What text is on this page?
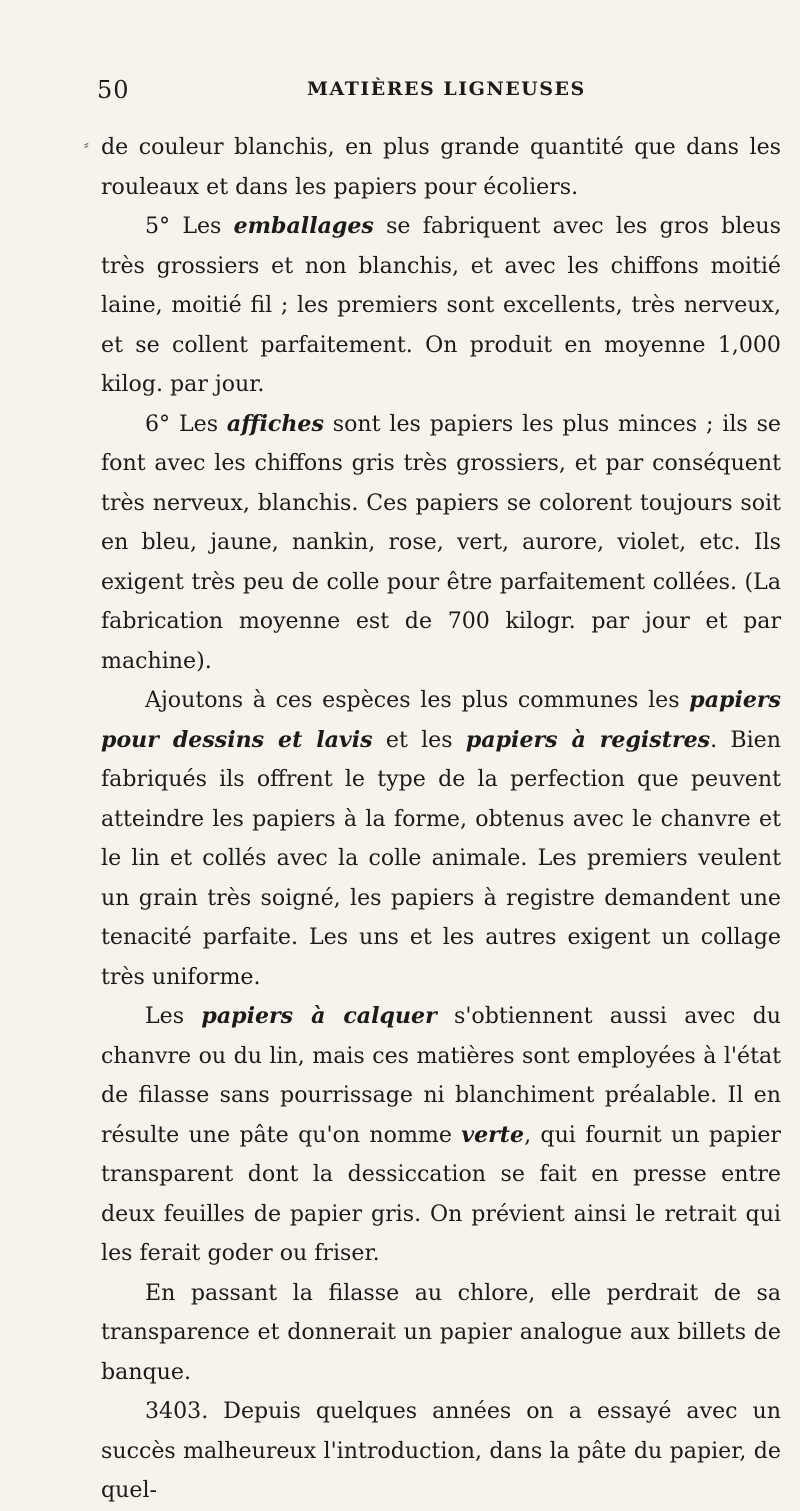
50	MATIÈRES LIGNEUSES
⸗ de couleur blanchis, en plus grande quantité que dans les rouleaux et dans les papiers pour écoliers.

5° Les emballages se fabriquent avec les gros bleus très grossiers et non blanchis, et avec les chiffons moitié laine, moitié fil ; les premiers sont excellents, très nerveux, et se collent parfaitement. On produit en moyenne 1,000 kilog. par jour.

6° Les affiches sont les papiers les plus minces ; ils se font avec les chiffons gris très grossiers, et par conséquent très nerveux, blanchis. Ces papiers se colorent toujours soit en bleu, jaune, nankin, rose, vert, aurore, violet, etc. Ils exigent très peu de colle pour être parfaitement collées. (La fabrication moyenne est de 700 kilogr. par jour et par machine).

Ajoutons à ces espèces les plus communes les papiers pour dessins et lavis et les papiers à registres. Bien fabriqués ils offrent le type de la perfection que peuvent atteindre les papiers à la forme, obtenus avec le chanvre et le lin et collés avec la colle animale. Les premiers veulent un grain très soigné, les papiers à registre demandent une tenacité parfaite. Les uns et les autres exigent un collage très uniforme.

Les papiers à calquer s'obtiennent aussi avec du chanvre ou du lin, mais ces matières sont employées à l'état de filasse sans pourrissage ni blanchiment préalable. Il en résulte une pâte qu'on nomme verte, qui fournit un papier transparent dont la dessiccation se fait en presse entre deux feuilles de papier gris. On prévient ainsi le retrait qui les ferait goder ou friser.

En passant la filasse au chlore, elle perdrait de sa transparence et donnerait un papier analogue aux billets de banque.

3403. Depuis quelques années on a essayé avec un succès malheureux l'introduction, dans la pâte du papier, de quel-
